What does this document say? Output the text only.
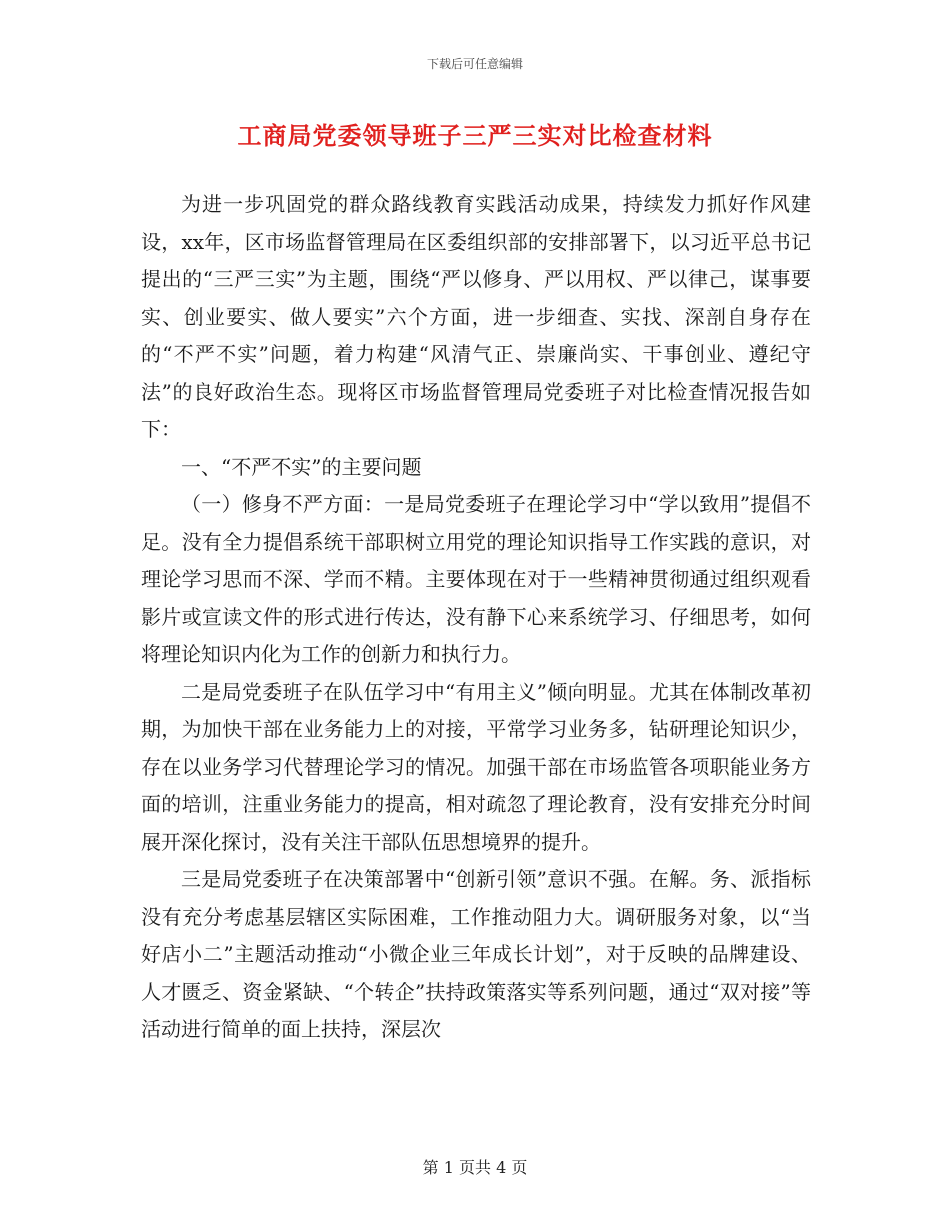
下载后可任意编辑
工商局党委领导班子三严三实对比检查材料

为进一步巩固党的群众路线教育实践活动成果，持续发力抓好作风建设，xx年，区市场监督管理局在区委组织部的安排部署下，以习近平总书记提出的“三严三实”为主题，围绕“严以修身、严以用权、严以律己，谋事要实、创业要实、做人要实”六个方面，进一步细查、实找、深剖自身存在的“不严不实”问题，着力构建“风清气正、崇廉尚实、干事创业、遵纪守法”的良好政治生态。现将区市场监督管理局党委班子对比检查情况报告如下：

一、“不严不实”的主要问题

（一）修身不严方面：一是局党委班子在理论学习中“学以致用”提倡不足。没有全力提倡系统干部职树立用党的理论知识指导工作实践的意识，对理论学习思而不深、学而不精。主要体现在对于一些精神贯彻通过组织观看影片或宣读文件的形式进行传达，没有静下心来系统学习、仔细思考，如何将理论知识内化为工作的创新力和执行力。

二是局党委班子在队伍学习中“有用主义”倾向明显。尤其在体制改革初期，为加快干部在业务能力上的对接，平常学习业务多，钻研理论知识少，存在以业务学习代替理论学习的情况。加强干部在市场监管各项职能业务方面的培训，注重业务能力的提高，相对疏忽了理论教育，没有安排充分时间展开深化探讨，没有关注干部队伍思想境界的提升。

三是局党委班子在决策部署中“创新引领”意识不强。在解。务、派指标没有充分考虑基层辖区实际困难，工作推动阻力大。调研服务对象，以“当好店小二”主题活动推动“小微企业三年成长计划”，对于反映的品牌建设、人才匮乏、资金紧缺、“个转企”扶持政策落实等系列问题，通过“双对接”等活动进行简单的面上扶持，深层次

第 1 页共 4 页
